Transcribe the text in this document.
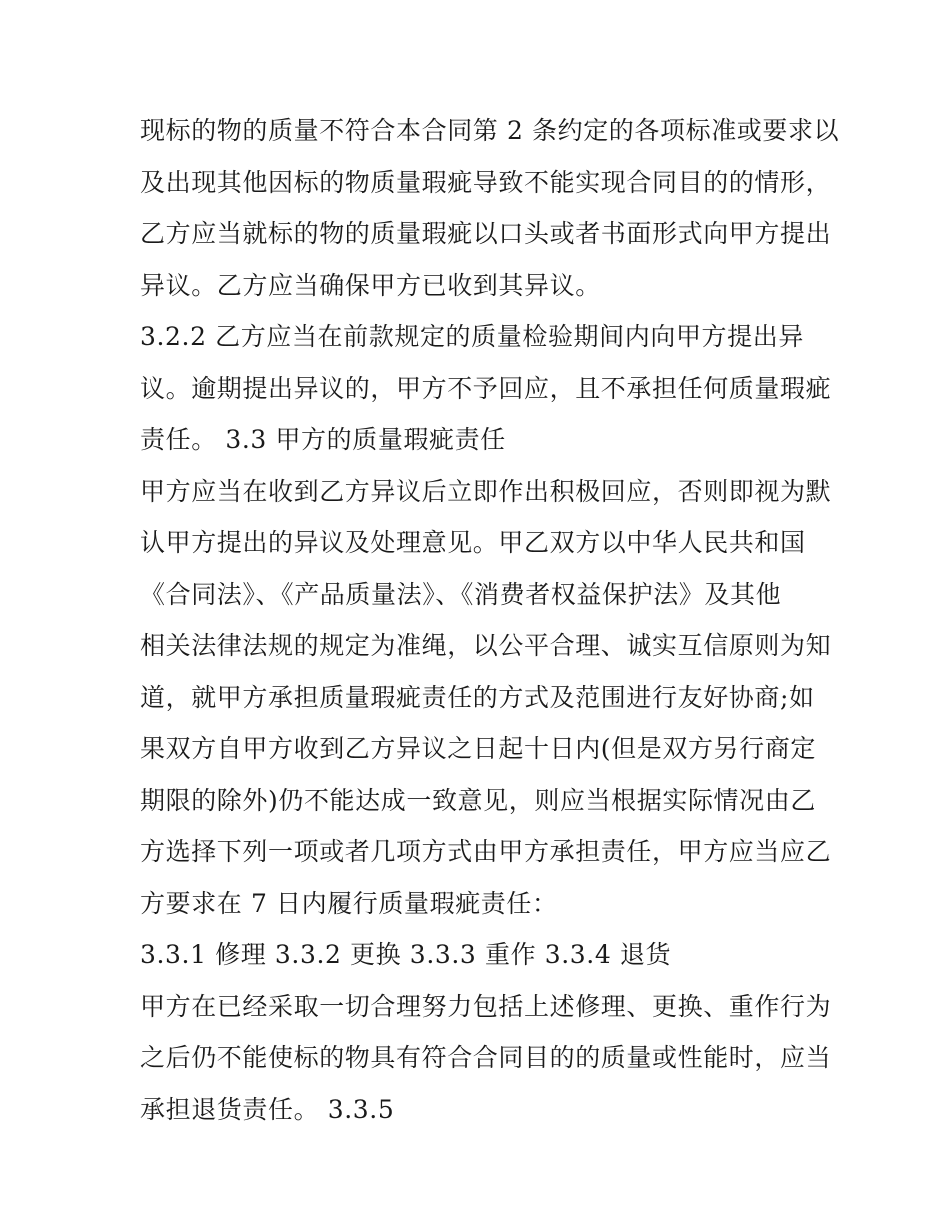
现标的物的质量不符合本合同第 2 条约定的各项标准或要求以
及出现其他因标的物质量瑕疵导致不能实现合同目的的情形，
乙方应当就标的物的质量瑕疵以口头或者书面形式向甲方提出
异议。乙方应当确保甲方已收到其异议。
3.2.2 乙方应当在前款规定的质量检验期间内向甲方提出异
议。逾期提出异议的，甲方不予回应，且不承担任何质量瑕疵
责任。 3.3 甲方的质量瑕疵责任
甲方应当在收到乙方异议后立即作出积极回应，否则即视为默
认甲方提出的异议及处理意见。甲乙双方以中华人民共和国
《合同法》、《产品质量法》、《消费者权益保护法》及其他
相关法律法规的规定为准绳，以公平合理、诚实互信原则为知
道，就甲方承担质量瑕疵责任的方式及范围进行友好协商;如
果双方自甲方收到乙方异议之日起十日内(但是双方另行商定
期限的除外)仍不能达成一致意见，则应当根据实际情况由乙
方选择下列一项或者几项方式由甲方承担责任，甲方应当应乙
方要求在 7 日内履行质量瑕疵责任：
3.3.1 修理 3.3.2 更换 3.3.3 重作 3.3.4 退货
甲方在已经采取一切合理努力包括上述修理、更换、重作行为
之后仍不能使标的物具有符合合同目的的质量或性能时，应当
承担退货责任。 3.3.5
